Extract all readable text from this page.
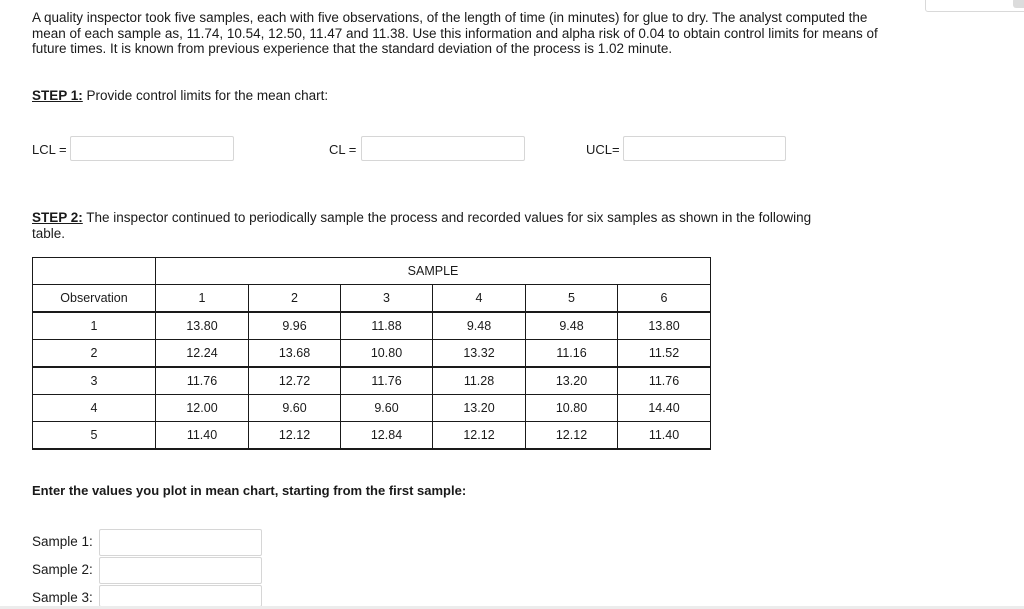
A quality inspector took five samples, each with five observations, of the length of time (in minutes) for glue to dry. The analyst computed the mean of each sample as, 11.74, 10.54, 12.50, 11.47 and 11.38. Use this information and alpha risk of 0.04 to obtain control limits for means of future times. It is known from previous experience that the standard deviation of the process is 1.02 minute.
STEP 1: Provide control limits for the mean chart:
LCL =	CL =	UCL=
STEP 2: The inspector continued to periodically sample the process and recorded values for six samples as shown in the following table.
	SAMPLE					
Observation	1	2	3	4	5	6
1	13.80	9.96	11.88	9.48	9.48	13.80
2	12.24	13.68	10.80	13.32	11.16	11.52
3	11.76	12.72	11.76	11.28	13.20	11.76
4	12.00	9.60	9.60	13.20	10.80	14.40
5	11.40	12.12	12.84	12.12	12.12	11.40
Enter the values you plot in mean chart, starting from the first sample:
Sample 1:
Sample 2:
Sample 3:
